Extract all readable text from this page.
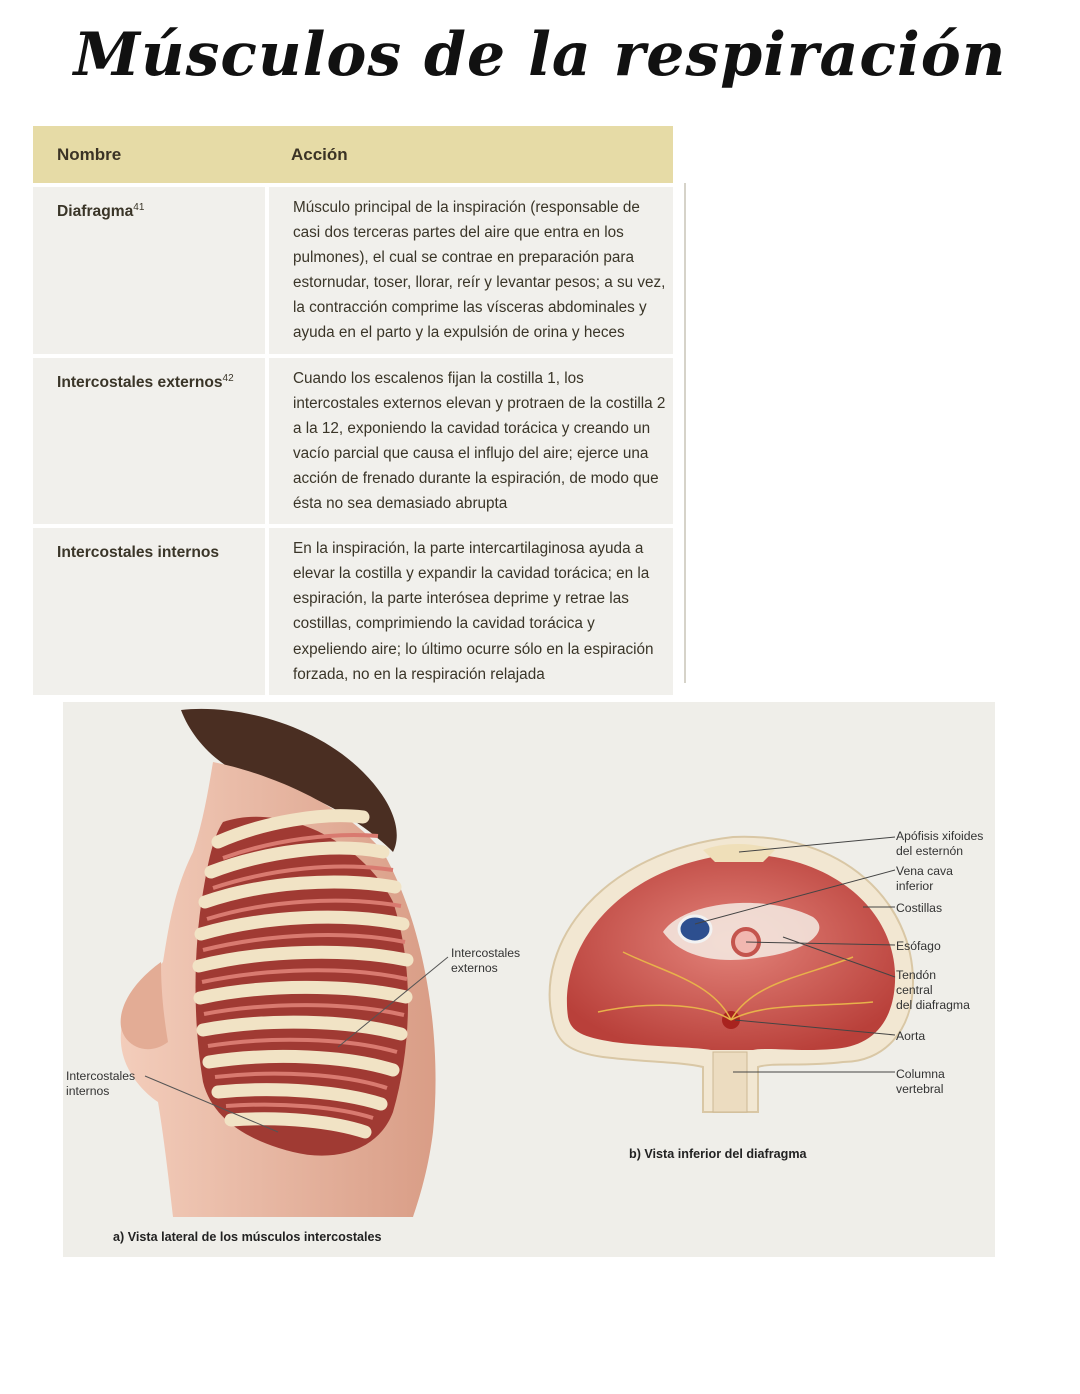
Músculos de la respiración
Nombre	Acción
Diafragma$^{41}$	Músculo principal de la inspiración (responsable de casi dos terceras partes del aire que entra en los pulmones), el cual se contrae en preparación para estornudar, toser, llorar, reír y levantar pesos; a su vez, la contracción comprime las vísceras abdominales y ayuda en el parto y la expulsión de orina y heces
Intercostales externos$^{42}$	Cuando los escalenos fijan la costilla 1, los intercostales externos elevan y protraen de la costilla 2 a la 12, exponiendo la cavidad torácica y creando un vacío parcial que causa el influjo del aire; ejerce una acción de frenado durante la espiración, de modo que ésta no sea demasiado abrupta
Intercostales internos	En la inspiración, la parte intercartilaginosa ayuda a elevar la costilla y expandir la cavidad torácica; en la espiración, la parte interósea deprime y retrae las costillas, comprimiendo la cavidad torácica y expeliendo aire; lo último ocurre sólo en la espiración forzada, no en la respiración relajada
Intercostales
externos
Intercostales
internos
a) Vista lateral de los músculos intercostales
Apófisis xifoides
del esternón
Vena cava
inferior
Costillas
Esófago
Tendón
central
del diafragma
Aorta
Columna
vertebral
b) Vista inferior del diafragma
